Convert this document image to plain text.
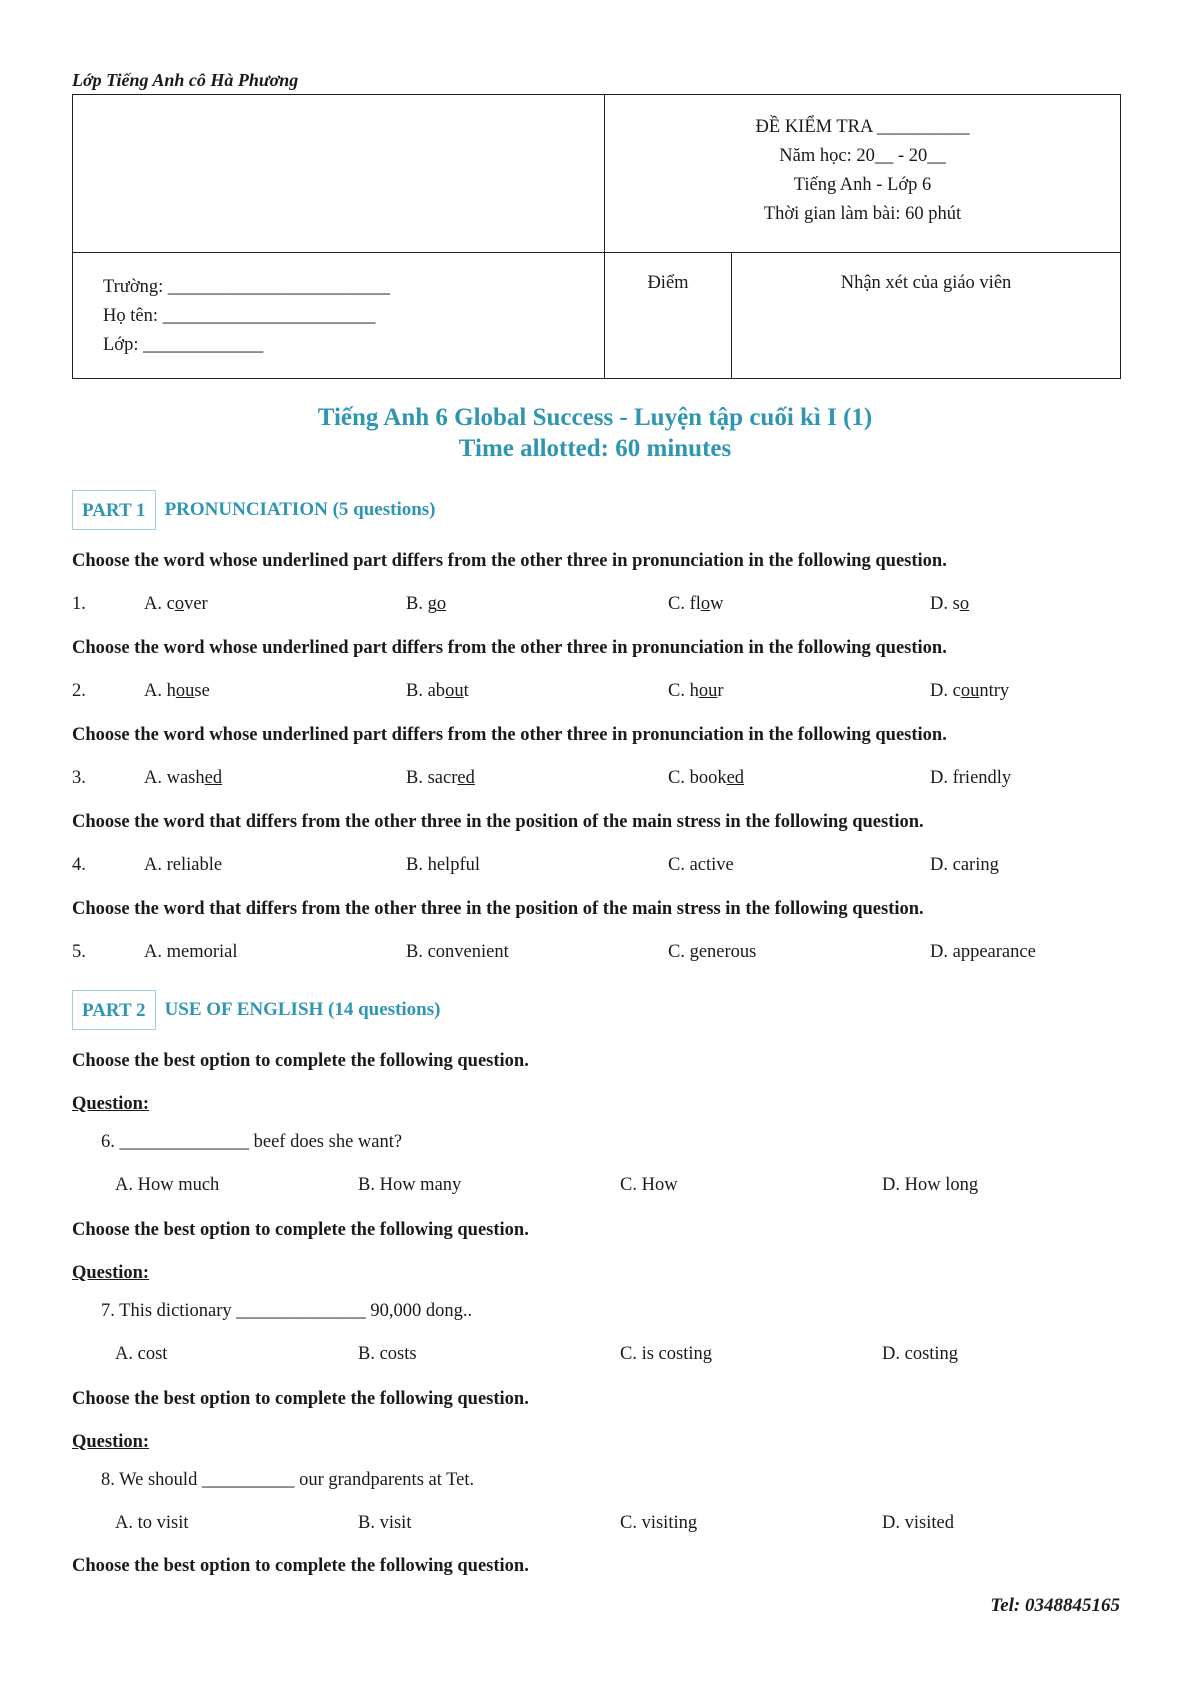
Lớp Tiếng Anh cô Hà Phương

	ĐỀ KIỂM TRA __________
Năm học: 20__ - 20__
Tiếng Anh - Lớp 6
Thời gian làm bài: 60 phút	

Trường: ________________________
Họ tên: _______________________
Lớp: _____________	Điểm	Nhận xét của giáo viên
Tiếng Anh 6 Global Success - Luyện tập cuối kì I (1)
Time allotted: 60 minutes
PART 1	PRONUNCIATION (5 questions)
Choose the word whose underlined part differs from the other three in pronunciation in the following question.
1.	A. cover	B. go	C. flow	D. so
Choose the word whose underlined part differs from the other three in pronunciation in the following question.
2.	A. house	B. about	C. hour	D. country
Choose the word whose underlined part differs from the other three in pronunciation in the following question.
3.	A. washed	B. sacred	C. booked	D. friendly
Choose the word that differs from the other three in the position of the main stress in the following question.
4.	A. reliable	B. helpful	C. active	D. caring
Choose the word that differs from the other three in the position of the main stress in the following question.
5.	A. memorial	B. convenient	C. generous	D. appearance
PART 2	USE OF ENGLISH (14 questions)
Choose the best option to complete the following question.
Question:
6. ______________ beef does she want?
A. How much	B. How many	C. How	D. How long
Choose the best option to complete the following question.
Question:
7. This dictionary ______________ 90,000 dong..
A. cost	B. costs	C. is costing	D. costing
Choose the best option to complete the following question.
Question:
8. We should __________ our grandparents at Tet.
A. to visit	B. visit	C. visiting	D. visited
Choose the best option to complete the following question.
Tel: 0348845165
